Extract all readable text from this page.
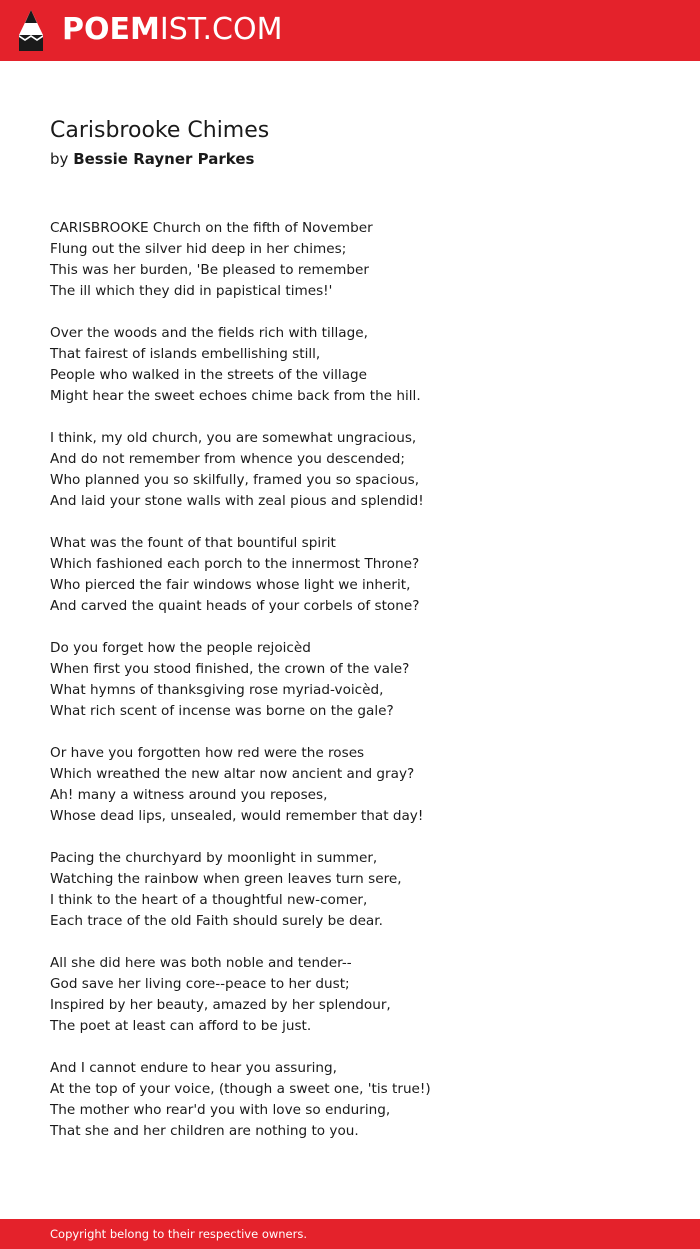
POEMIST.COM
Carisbrooke Chimes
by Bessie Rayner Parkes
CARISBROOKE Church on the fifth of November
Flung out the silver hid deep in her chimes;
This was her burden, 'Be pleased to remember
The ill which they did in papistical times!'
Over the woods and the fields rich with tillage,
That fairest of islands embellishing still,
People who walked in the streets of the village
Might hear the sweet echoes chime back from the hill.
I think, my old church, you are somewhat ungracious,
And do not remember from whence you descended;
Who planned you so skilfully, framed you so spacious,
And laid your stone walls with zeal pious and splendid!
What was the fount of that bountiful spirit
Which fashioned each porch to the innermost Throne?
Who pierced the fair windows whose light we inherit,
And carved the quaint heads of your corbels of stone?
Do you forget how the people rejoicèd
When first you stood finished, the crown of the vale?
What hymns of thanksgiving rose myriad-voicèd,
What rich scent of incense was borne on the gale?
Or have you forgotten how red were the roses
Which wreathed the new altar now ancient and gray?
Ah! many a witness around you reposes,
Whose dead lips, unsealed, would remember that day!
Pacing the churchyard by moonlight in summer,
Watching the rainbow when green leaves turn sere,
I think to the heart of a thoughtful new-comer,
Each trace of the old Faith should surely be dear.
All she did here was both noble and tender--
God save her living core--peace to her dust;
Inspired by her beauty, amazed by her splendour,
The poet at least can afford to be just.
And I cannot endure to hear you assuring,
At the top of your voice, (though a sweet one, 'tis true!)
The mother who rear'd you with love so enduring,
That she and her children are nothing to you.
Copyright belong to their respective owners.
